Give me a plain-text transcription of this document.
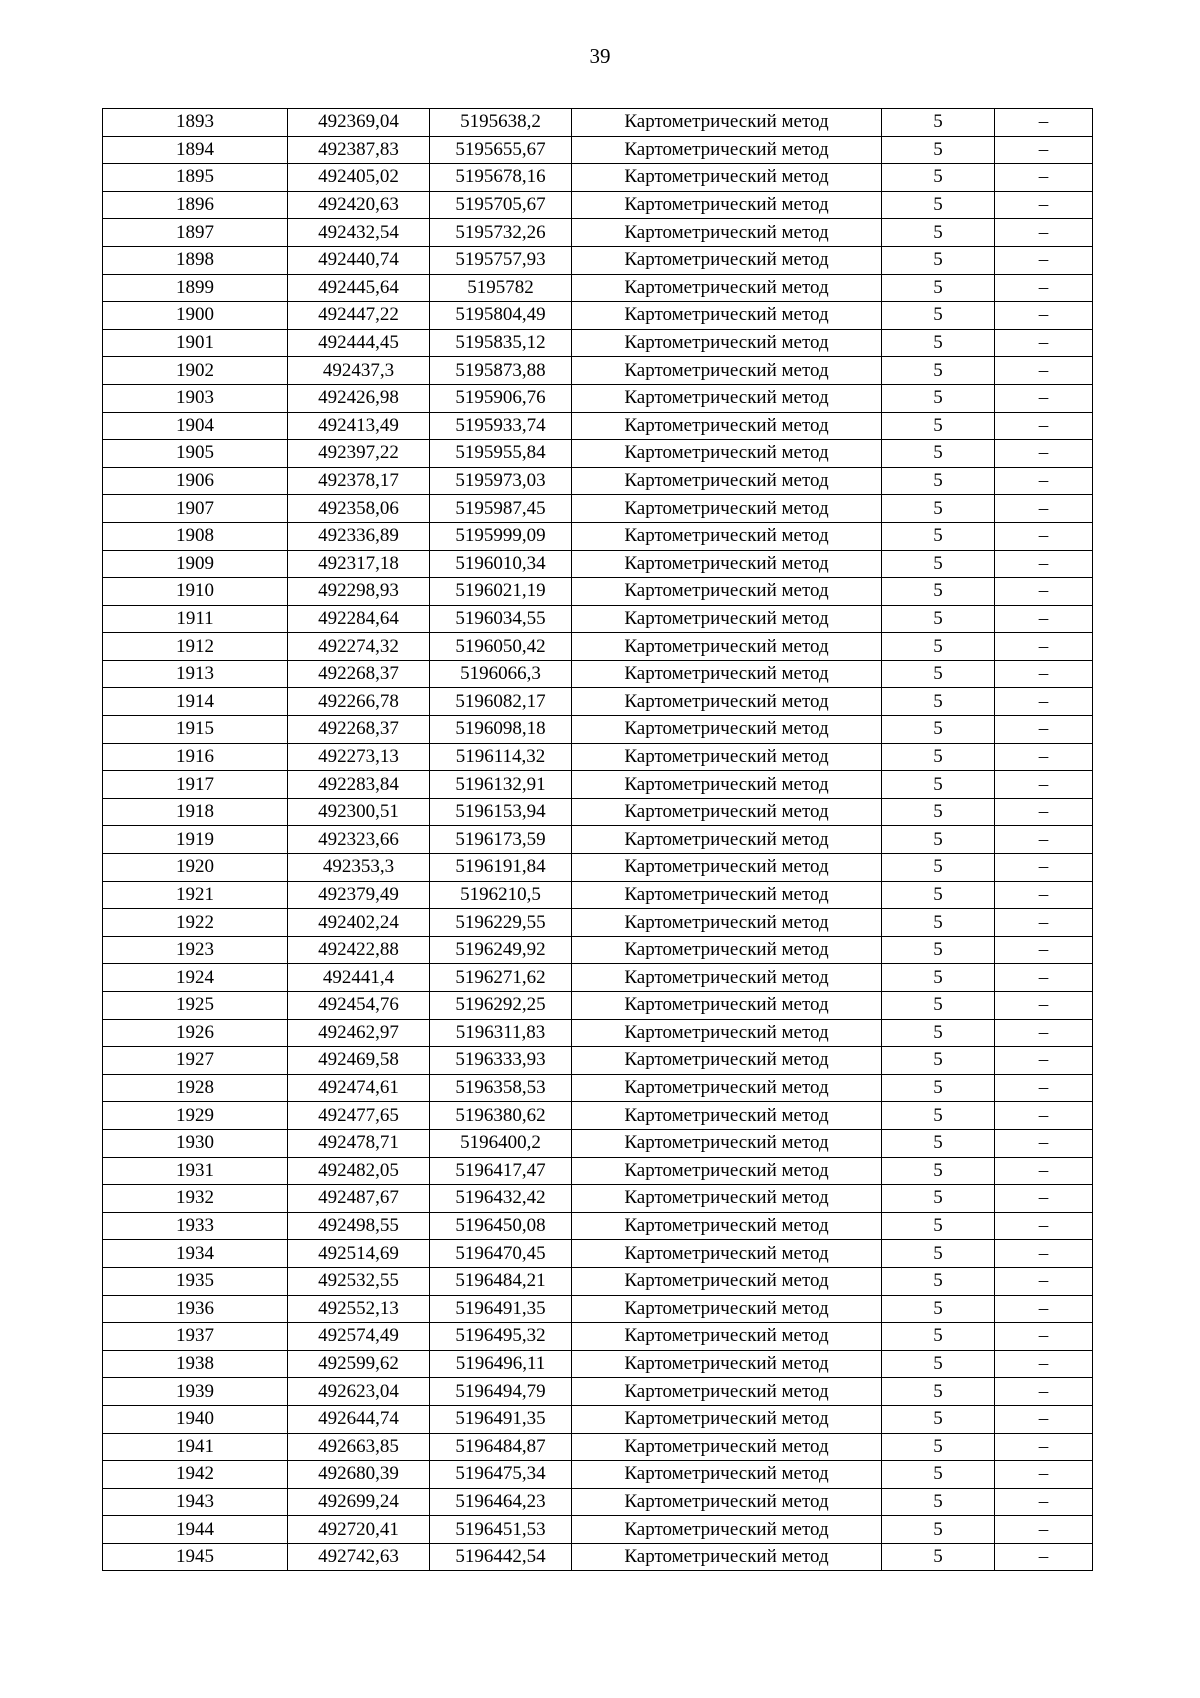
39
1893	492369,04	5195638,2	Картометрический метод	5	–
1894	492387,83	5195655,67	Картометрический метод	5	–
1895	492405,02	5195678,16	Картометрический метод	5	–
1896	492420,63	5195705,67	Картометрический метод	5	–
1897	492432,54	5195732,26	Картометрический метод	5	–
1898	492440,74	5195757,93	Картометрический метод	5	–
1899	492445,64	5195782	Картометрический метод	5	–
1900	492447,22	5195804,49	Картометрический метод	5	–
1901	492444,45	5195835,12	Картометрический метод	5	–
1902	492437,3	5195873,88	Картометрический метод	5	–
1903	492426,98	5195906,76	Картометрический метод	5	–
1904	492413,49	5195933,74	Картометрический метод	5	–
1905	492397,22	5195955,84	Картометрический метод	5	–
1906	492378,17	5195973,03	Картометрический метод	5	–
1907	492358,06	5195987,45	Картометрический метод	5	–
1908	492336,89	5195999,09	Картометрический метод	5	–
1909	492317,18	5196010,34	Картометрический метод	5	–
1910	492298,93	5196021,19	Картометрический метод	5	–
1911	492284,64	5196034,55	Картометрический метод	5	–
1912	492274,32	5196050,42	Картометрический метод	5	–
1913	492268,37	5196066,3	Картометрический метод	5	–
1914	492266,78	5196082,17	Картометрический метод	5	–
1915	492268,37	5196098,18	Картометрический метод	5	–
1916	492273,13	5196114,32	Картометрический метод	5	–
1917	492283,84	5196132,91	Картометрический метод	5	–
1918	492300,51	5196153,94	Картометрический метод	5	–
1919	492323,66	5196173,59	Картометрический метод	5	–
1920	492353,3	5196191,84	Картометрический метод	5	–
1921	492379,49	5196210,5	Картометрический метод	5	–
1922	492402,24	5196229,55	Картометрический метод	5	–
1923	492422,88	5196249,92	Картометрический метод	5	–
1924	492441,4	5196271,62	Картометрический метод	5	–
1925	492454,76	5196292,25	Картометрический метод	5	–
1926	492462,97	5196311,83	Картометрический метод	5	–
1927	492469,58	5196333,93	Картометрический метод	5	–
1928	492474,61	5196358,53	Картометрический метод	5	–
1929	492477,65	5196380,62	Картометрический метод	5	–
1930	492478,71	5196400,2	Картометрический метод	5	–
1931	492482,05	5196417,47	Картометрический метод	5	–
1932	492487,67	5196432,42	Картометрический метод	5	–
1933	492498,55	5196450,08	Картометрический метод	5	–
1934	492514,69	5196470,45	Картометрический метод	5	–
1935	492532,55	5196484,21	Картометрический метод	5	–
1936	492552,13	5196491,35	Картометрический метод	5	–
1937	492574,49	5196495,32	Картометрический метод	5	–
1938	492599,62	5196496,11	Картометрический метод	5	–
1939	492623,04	5196494,79	Картометрический метод	5	–
1940	492644,74	5196491,35	Картометрический метод	5	–
1941	492663,85	5196484,87	Картометрический метод	5	–
1942	492680,39	5196475,34	Картометрический метод	5	–
1943	492699,24	5196464,23	Картометрический метод	5	–
1944	492720,41	5196451,53	Картометрический метод	5	–
1945	492742,63	5196442,54	Картометрический метод	5	–
